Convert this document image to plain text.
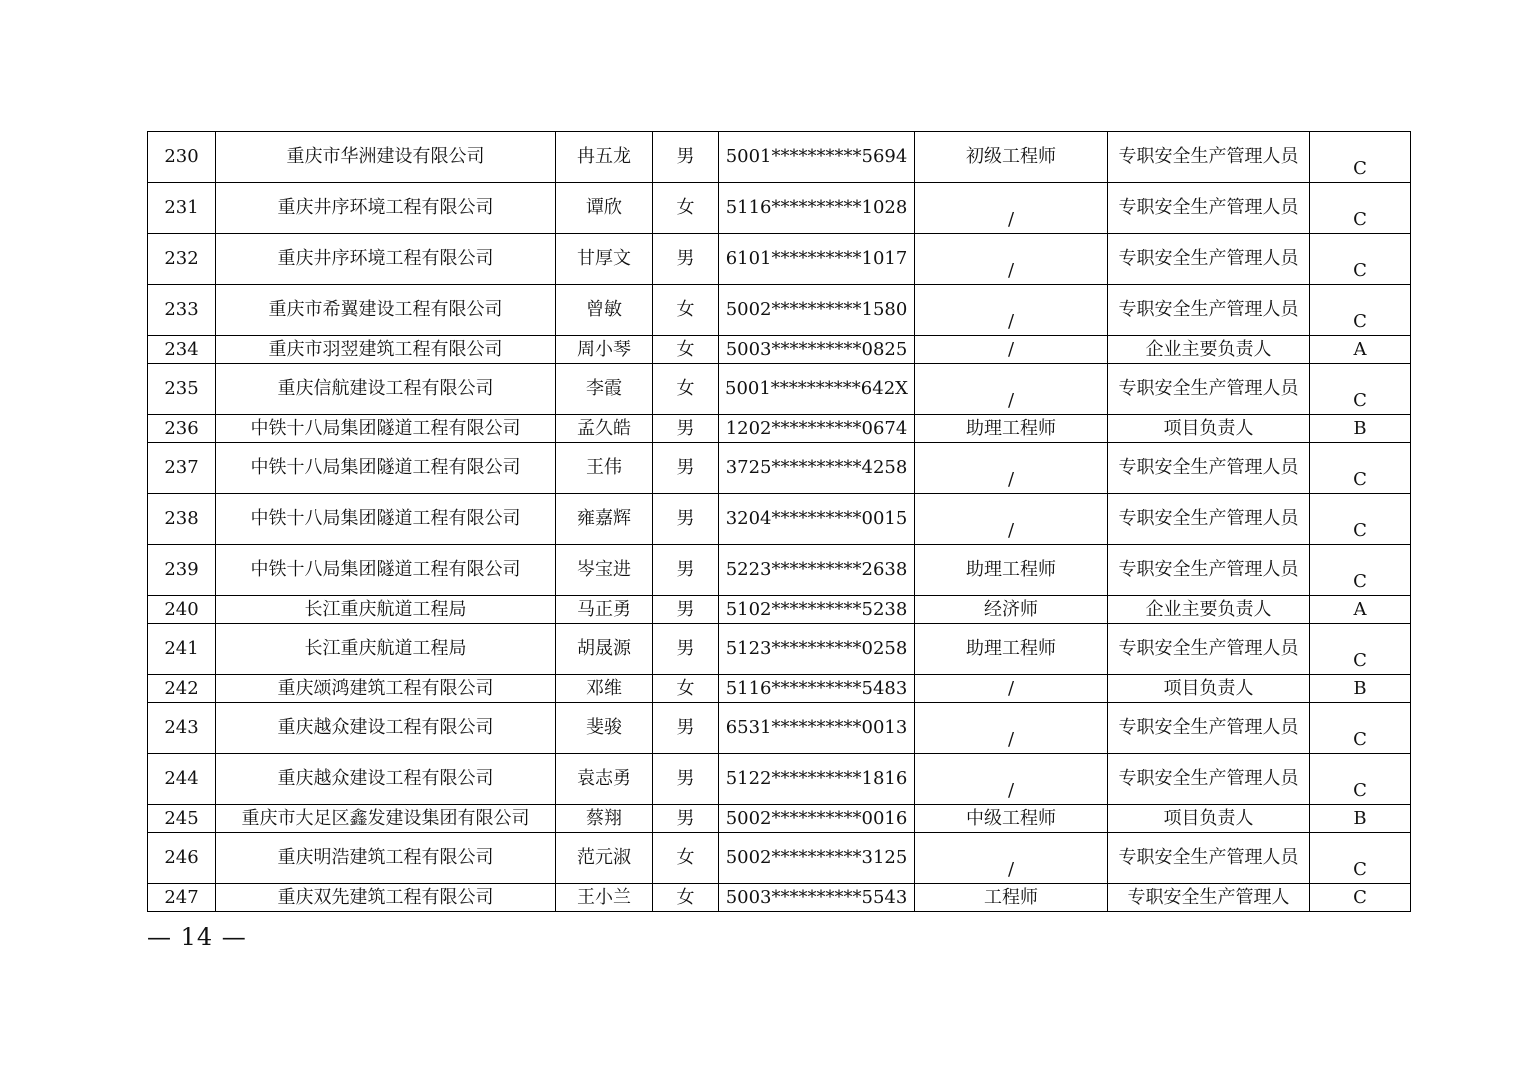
230	重庆市华洲建设有限公司	冉五龙	男	5001**********5694	初级工程师	专职安全生产管理人员	C
231	重庆井序环境工程有限公司	谭欣	女	5116**********1028	/	专职安全生产管理人员	C
232	重庆井序环境工程有限公司	甘厚文	男	6101**********1017	/	专职安全生产管理人员	C
233	重庆市希翼建设工程有限公司	曾敏	女	5002**********1580	/	专职安全生产管理人员	C
234	重庆市羽翌建筑工程有限公司	周小琴	女	5003**********0825	/	企业主要负责人	A
235	重庆信航建设工程有限公司	李霞	女	5001**********642X	/	专职安全生产管理人员	C
236	中铁十八局集团隧道工程有限公司	孟久皓	男	1202**********0674	助理工程师	项目负责人	B
237	中铁十八局集团隧道工程有限公司	王伟	男	3725**********4258	/	专职安全生产管理人员	C
238	中铁十八局集团隧道工程有限公司	雍嘉辉	男	3204**********0015	/	专职安全生产管理人员	C
239	中铁十八局集团隧道工程有限公司	岑宝进	男	5223**********2638	助理工程师	专职安全生产管理人员	C
240	长江重庆航道工程局	马正勇	男	5102**********5238	经济师	企业主要负责人	A
241	长江重庆航道工程局	胡晟源	男	5123**********0258	助理工程师	专职安全生产管理人员	C
242	重庆颂鸿建筑工程有限公司	邓维	女	5116**********5483	/	项目负责人	B
243	重庆越众建设工程有限公司	斐骏	男	6531**********0013	/	专职安全生产管理人员	C
244	重庆越众建设工程有限公司	袁志勇	男	5122**********1816	/	专职安全生产管理人员	C
245	重庆市大足区鑫发建设集团有限公司	蔡翔	男	5002**********0016	中级工程师	项目负责人	B
246	重庆明浩建筑工程有限公司	范元淑	女	5002**********3125	/	专职安全生产管理人员	C
247	重庆双先建筑工程有限公司	王小兰	女	5003**********5543	工程师	专职安全生产管理人	C
— 14 —
